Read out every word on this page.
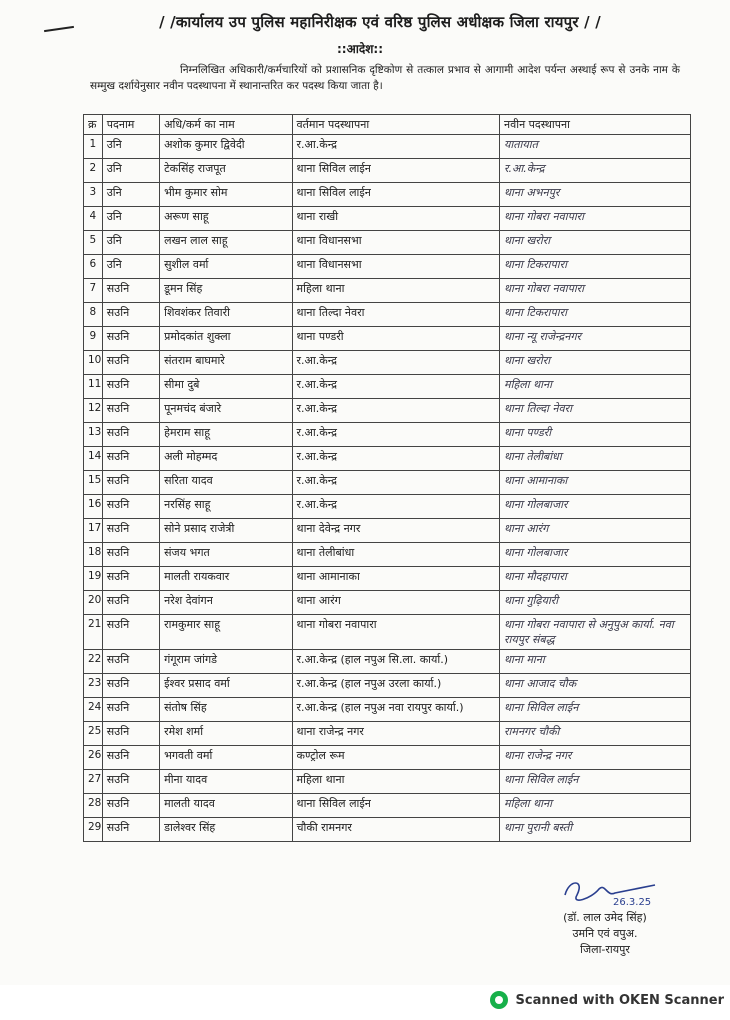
/ /कार्यालय उप पुलिस महानिरीक्षक एवं वरिष्ठ पुलिस अधीक्षक जिला रायपुर / /
::आदेश::
निम्नलिखित अधिकारी/कर्मचारियों को प्रशासनिक दृष्टिकोण से तत्काल प्रभाव से आगामी आदेश पर्यन्त अस्थाई रूप से उनके नाम के सम्मुख दर्शायेनुसार नवीन पदस्थापना में स्थानान्तरित कर पदस्थ किया जाता है।
क्र	पदनाम	अधि/कर्म का नाम	वर्तमान पदस्थापना	नवीन पदस्थापना
1	उनि	अशोक कुमार द्विवेदी	र.आ.केन्द्र	यातायात
2	उनि	टेकसिंह राजपूत	थाना सिविल लाईन	र.आ.केन्द्र
3	उनि	भीम कुमार सोम	थाना सिविल लाईन	थाना अभनपुर
4	उनि	अरूण साहू	थाना राखी	थाना गोबरा नवापारा
5	उनि	लखन लाल साहू	थाना विधानसभा	थाना खरोरा
6	उनि	सुशील वर्मा	थाना विधानसभा	थाना टिकरापारा
7	सउनि	डूमन सिंह	महिला थाना	थाना गोबरा नवापारा
8	सउनि	शिवशंकर तिवारी	थाना तिल्दा नेवरा	थाना टिकरापारा
9	सउनि	प्रमोदकांत शुक्ला	थाना पण्डरी	थाना न्यू राजेन्द्रनगर
10	सउनि	संतराम बाघमारे	र.आ.केन्द्र	थाना खरोरा
11	सउनि	सीमा दुबे	र.आ.केन्द्र	महिला थाना
12	सउनि	पूनमचंद बंजारे	र.आ.केन्द्र	थाना तिल्दा नेवरा
13	सउनि	हेमराम साहू	र.आ.केन्द्र	थाना पण्डरी
14	सउनि	अली मोहम्मद	र.आ.केन्द्र	थाना तेलीबांधा
15	सउनि	सरिता यादव	र.आ.केन्द्र	थाना आमानाका
16	सउनि	नरसिंह साहू	र.आ.केन्द्र	थाना गोलबाजार
17	सउनि	सोने प्रसाद राजेत्री	थाना देवेन्द्र नगर	थाना आरंग
18	सउनि	संजय भगत	थाना तेलीबांधा	थाना गोलबाजार
19	सउनि	मालती रायकवार	थाना आमानाका	थाना मौदहापारा
20	सउनि	नरेश देवांगन	थाना आरंग	थाना गुढ़ियारी
21	सउनि	रामकुमार साहू	थाना गोबरा नवापारा	थाना गोबरा नवापारा से अनुपुअ कार्या. नवा रायपुर संबद्ध
22	सउनि	गंगूराम जांगडे	र.आ.केन्द्र (हाल नपुअ सि.ला. कार्या.)	थाना माना
23	सउनि	ईश्वर प्रसाद वर्मा	र.आ.केन्द्र (हाल नपुअ उरला कार्या.)	थाना आजाद चौक
24	सउनि	संतोष सिंह	र.आ.केन्द्र (हाल नपुअ नवा रायपुर कार्या.)	थाना सिविल लाईन
25	सउनि	रमेश शर्मा	थाना राजेन्द्र नगर	रामनगर चौकी
26	सउनि	भगवती वर्मा	कण्ट्रोल रूम	थाना राजेन्द्र नगर
27	सउनि	मीना यादव	महिला थाना	थाना सिविल लाईन
28	सउनि	मालती यादव	थाना सिविल लाईन	महिला थाना
29	सउनि	डालेश्वर सिंह	चौकी रामनगर	थाना पुरानी बस्ती
26.3.25
(डॉ. लाल उमेद सिंह)
उमनि एवं वपुअ.
जिला-रायपुर
Scanned with OKEN Scanner
